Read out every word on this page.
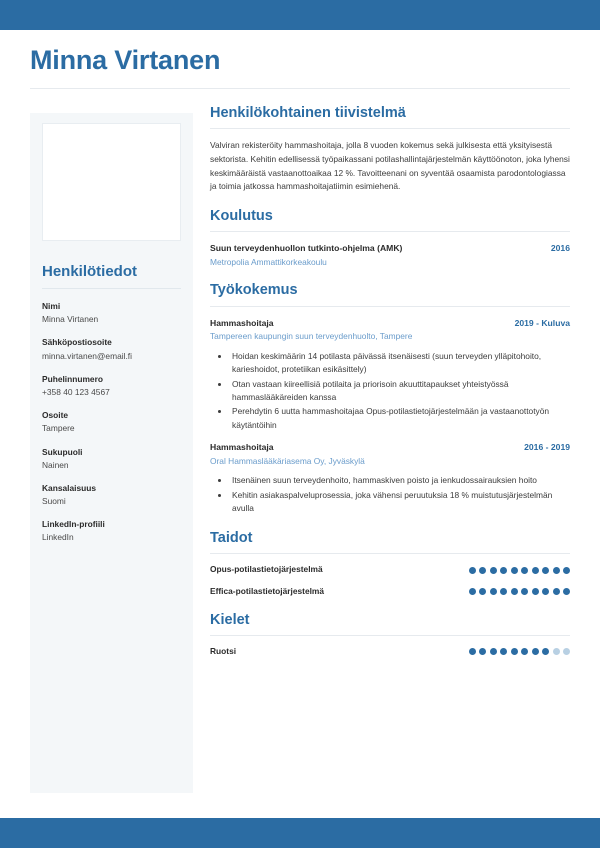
Minna Virtanen
Henkilötiedot
Nimi
Minna Virtanen
Sähköpostiosoite
minna.virtanen@email.fi
Puhelinnumero
+358 40 123 4567
Osoite
Tampere
Sukupuoli
Nainen
Kansalaisuus
Suomi
LinkedIn-profiili
LinkedIn
Henkilökohtainen tiivistelmä

Valviran rekisteröity hammashoitaja, jolla 8 vuoden kokemus sekä julkisesta että yksityisestä sektorista. Kehitin edellisessä työpaikassani potilashallintajärjestelmän käyttöönoton, joka lyhensi keskimääräistä vastaanottoaikaa 12 %. Tavoitteenani on syventää osaamista parodontologiassa ja toimia jatkossa hammashoitajatiimin esimiehenä.

Koulutus
Suun terveydenhuollon tutkinto-ohjelma (AMK)	2016
Metropolia Ammattikorkeakoulu
Työkokemus
Hammashoitaja	2019 - Kuluva
Tampereen kaupungin suun terveydenhuolto, Tampere
• Hoidan keskimäärin 14 potilasta päivässä itsenäisesti (suun terveyden ylläpitohoito, karieshoidot, protetiikan esikäsittely)
• Otan vastaan kiireellisiä potilaita ja priorisoin akuuttitapaukset yhteistyössä hammaslääkäreiden kanssa
• Perehdytin 6 uutta hammashoitajaa Opus-potilastietojärjestelmään ja vastaanottotyön käytäntöihin
Hammashoitaja	2016 - 2019
Oral Hammaslääkäriasema Oy, Jyväskylä
• Itsenäinen suun terveydenhoito, hammaskiven poisto ja ienkudossairauksien hoito
• Kehitin asiakaspalveluprosessia, joka vähensi peruutuksia 18 % muistutusjärjestelmän avulla
Taidot
Opus-potilastietojärjestelmä
Effica-potilastietojärjestelmä
Kielet
Ruotsi
